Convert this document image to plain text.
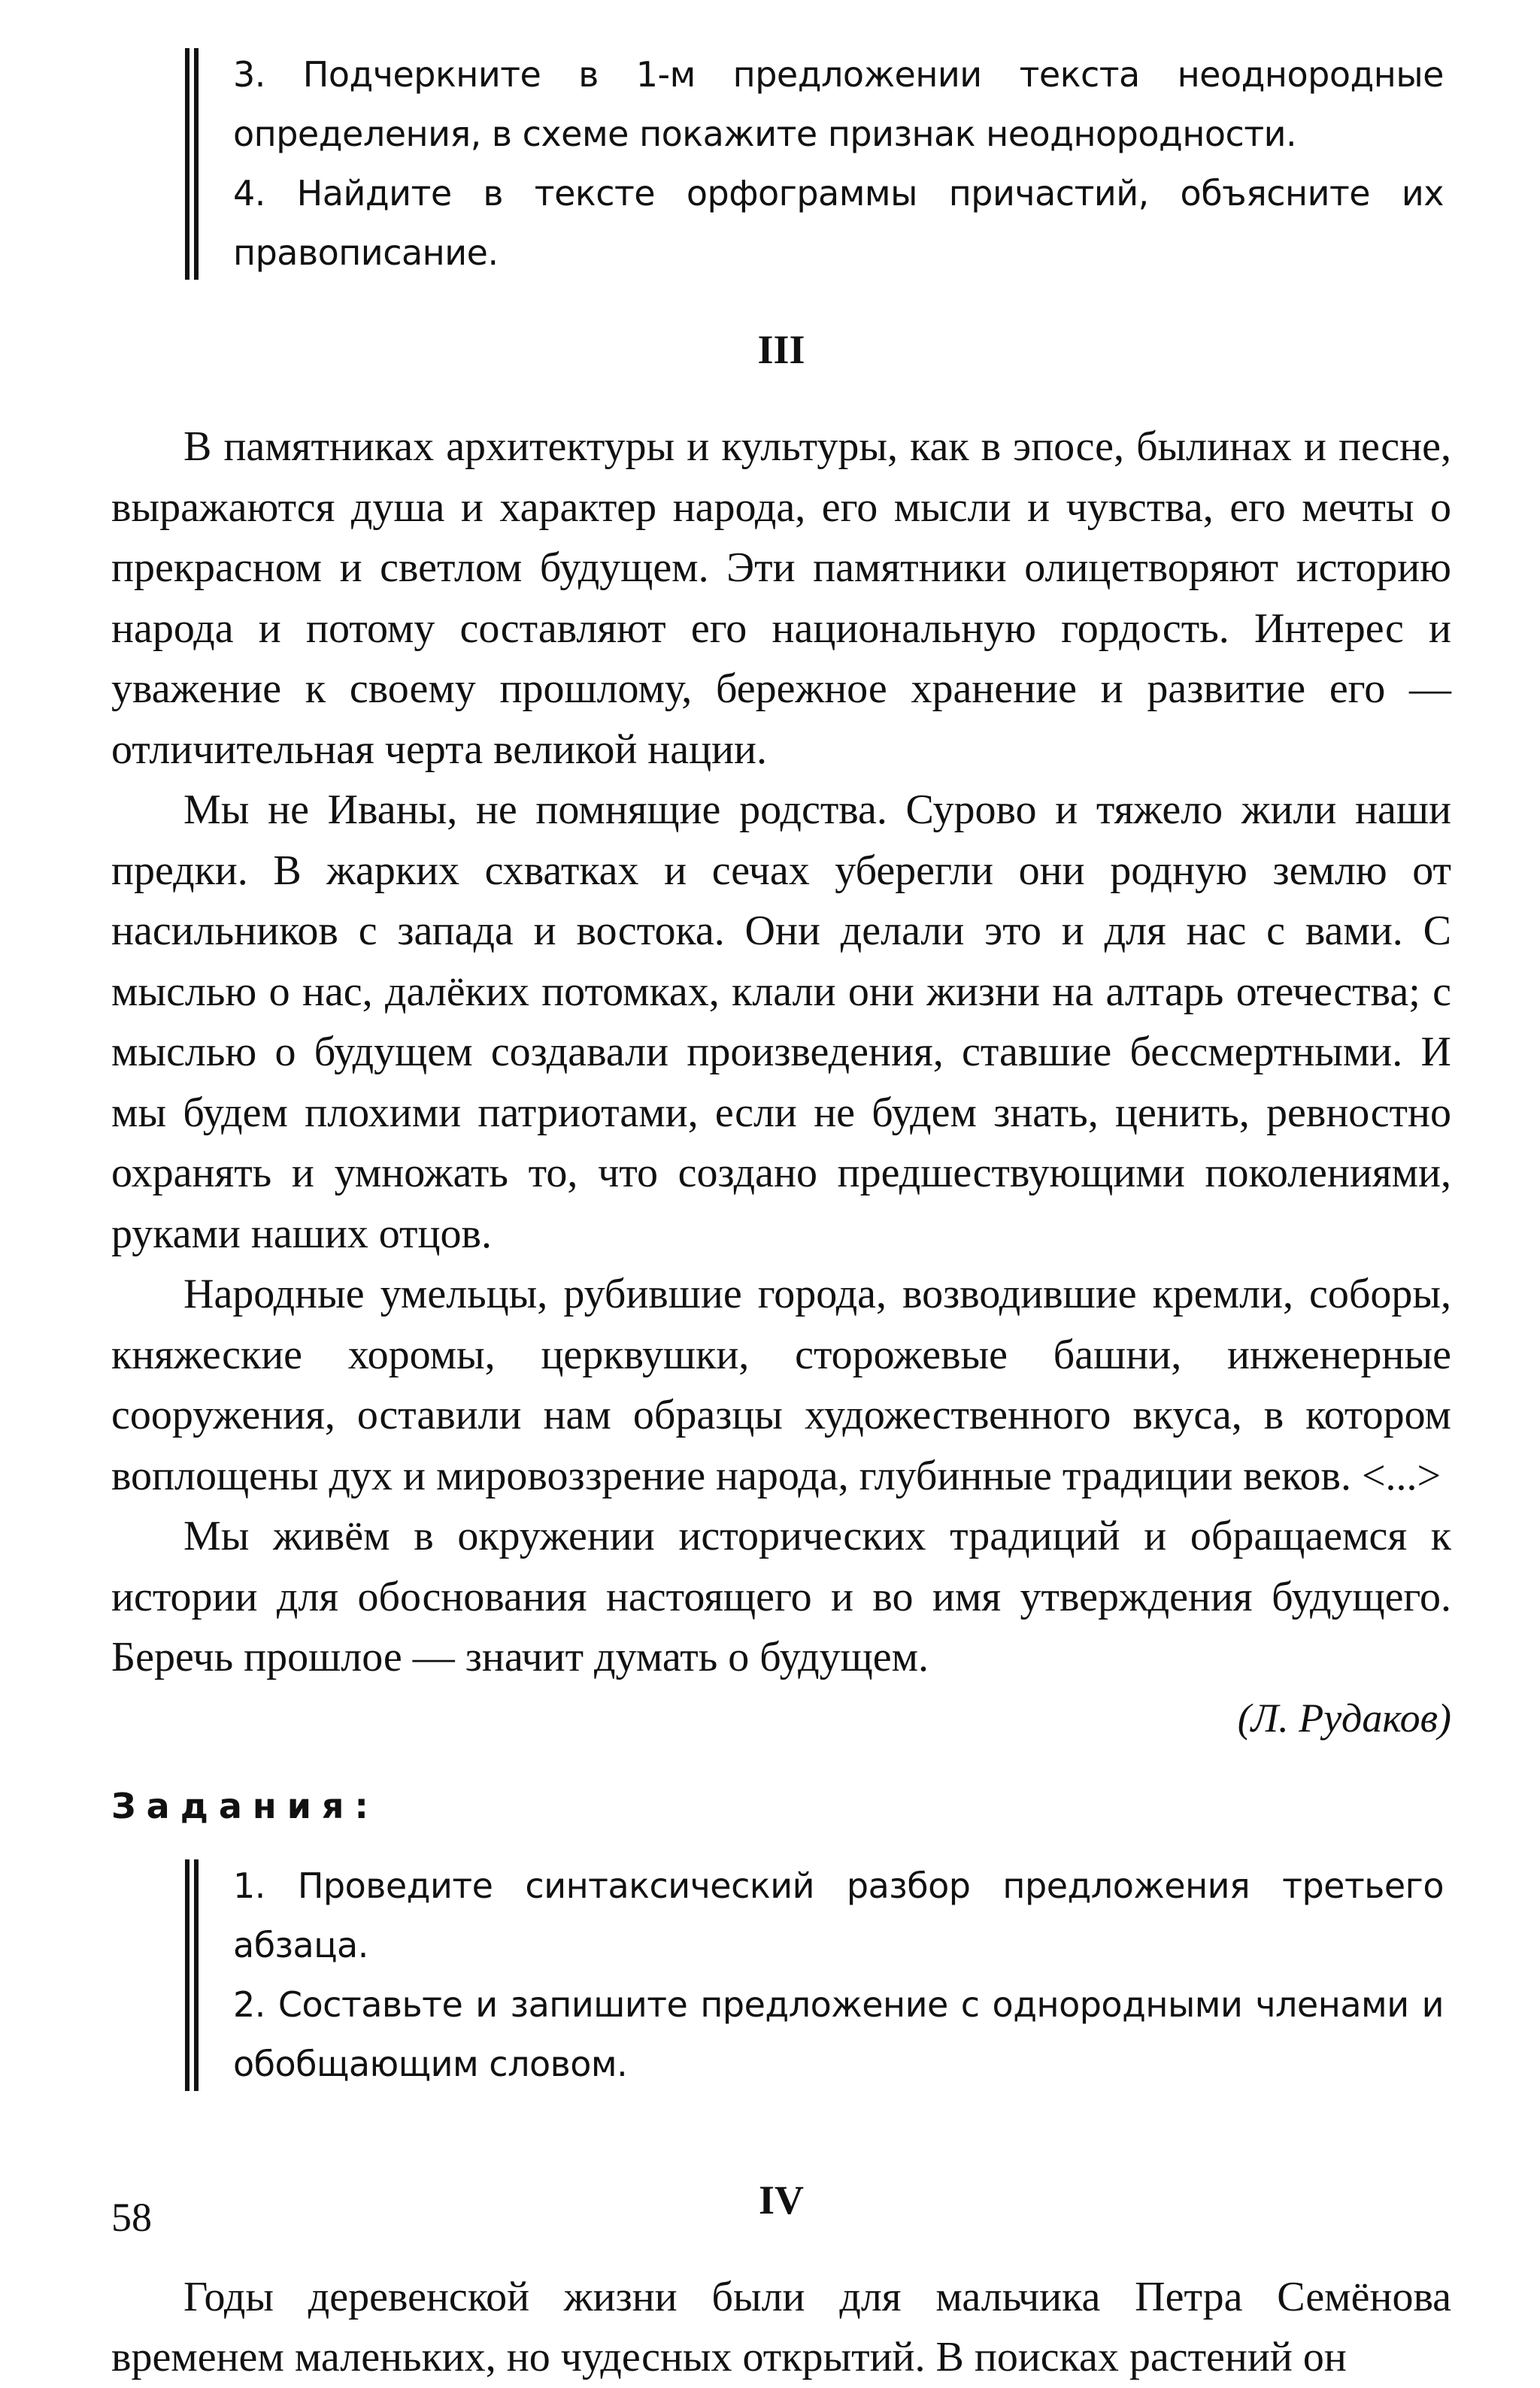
3. Подчеркните в 1-м предложении текста неоднородные определения, в схеме покажите признак неоднородности.

4. Найдите в тексте орфограммы причастий, объясните их правописание.

III

В памятниках архитектуры и культуры, как в эпосе, былинах и песне, выражаются душа и характер народа, его мысли и чувства, его мечты о прекрасном и светлом будущем. Эти памятники олицетворяют историю народа и потому составляют его национальную гордость. Интерес и уважение к своему прошлому, бережное хранение и развитие его — отличительная черта великой нации.

Мы не Иваны, не помнящие родства. Сурово и тяжело жили наши предки. В жарких схватках и сечах уберегли они родную землю от насильников с запада и востока. Они делали это и для нас с вами. С мыслью о нас, далёких потомках, клали они жизни на алтарь отечества; с мыслью о будущем создавали произведения, ставшие бессмертными. И мы будем плохими патриотами, если не будем знать, ценить, ревностно охранять и умножать то, что создано предшествующими поколениями, руками наших отцов.

Народные умельцы, рубившие города, возводившие кремли, соборы, княжеские хоромы, церквушки, сторожевые башни, инженерные сооружения, оставили нам образцы художественного вкуса, в котором воплощены дух и мировоззрение народа, глубинные традиции веков. <...>

Мы живём в окружении исторических традиций и обращаемся к истории для обоснования настоящего и во имя утверждения будущего. Беречь прошлое — значит думать о будущем.

(Л. Рудаков)

Задания:

1. Проведите синтаксический разбор предложения третьего абзаца.

2. Составьте и запишите предложение с однородными членами и обобщающим словом.

IV

Годы деревенской жизни были для мальчика Петра Семёнова временем маленьких, но чудесных открытий. В поисках растений он

58
